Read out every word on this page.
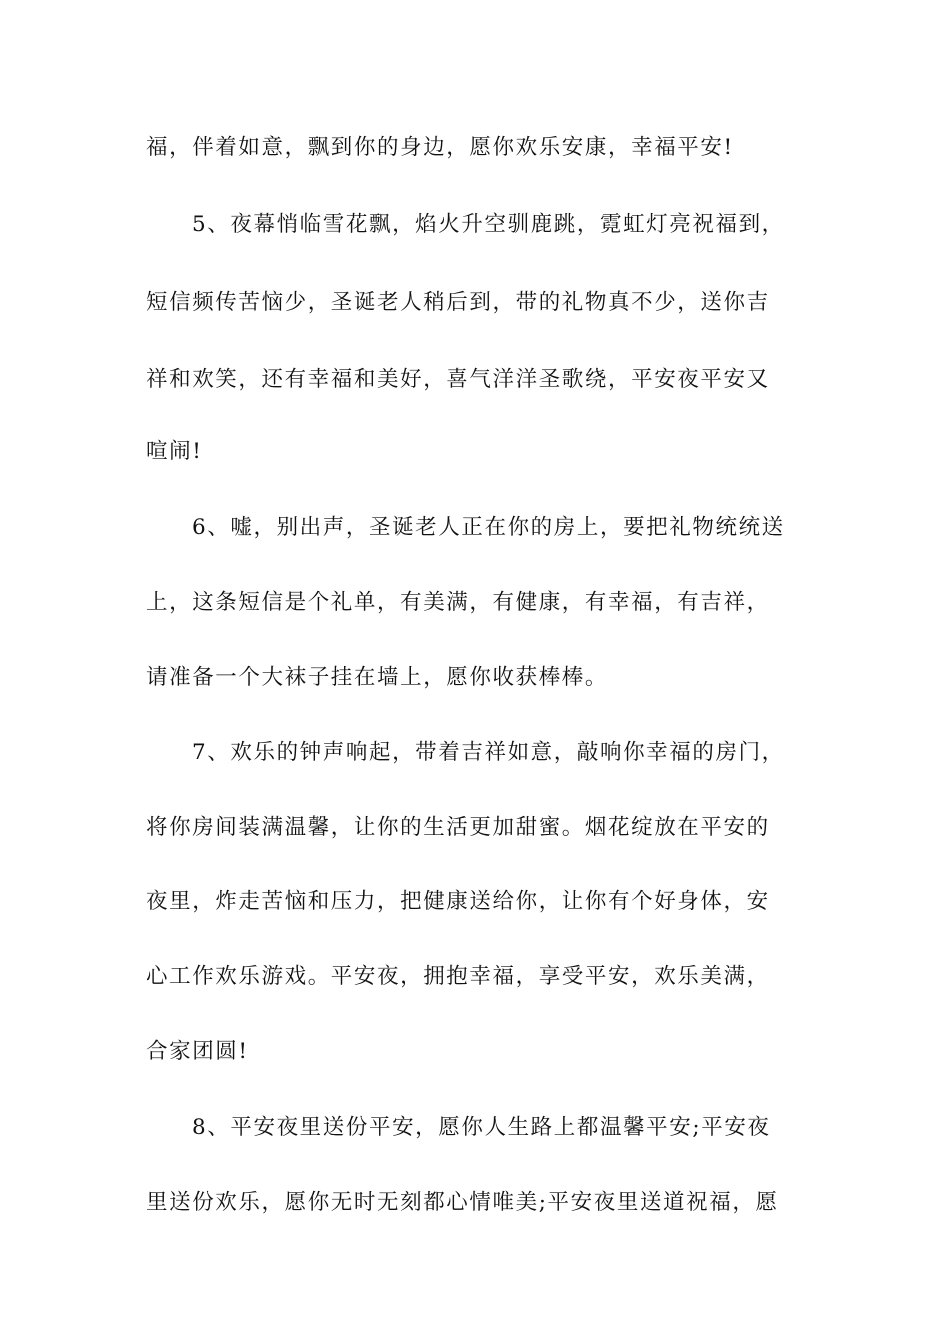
福，伴着如意，飘到你的身边，愿你欢乐安康，幸福平安!
5、夜幕悄临雪花飘，焰火升空驯鹿跳，霓虹灯亮祝福到，
短信频传苦恼少，圣诞老人稍后到，带的礼物真不少，送你吉
祥和欢笑，还有幸福和美好，喜气洋洋圣歌绕，平安夜平安又
喧闹!
6、嘘，别出声，圣诞老人正在你的房上，要把礼物统统送
上，这条短信是个礼单，有美满，有健康，有幸福，有吉祥，
请准备一个大袜子挂在墙上，愿你收获棒棒。
7、欢乐的钟声响起，带着吉祥如意，敲响你幸福的房门，
将你房间装满温馨，让你的生活更加甜蜜。烟花绽放在平安的
夜里，炸走苦恼和压力，把健康送给你，让你有个好身体，安
心工作欢乐游戏。平安夜，拥抱幸福，享受平安，欢乐美满，
合家团圆!
8、平安夜里送份平安，愿你人生路上都温馨平安;平安夜
里送份欢乐，愿你无时无刻都心情唯美;平安夜里送道祝福，愿
